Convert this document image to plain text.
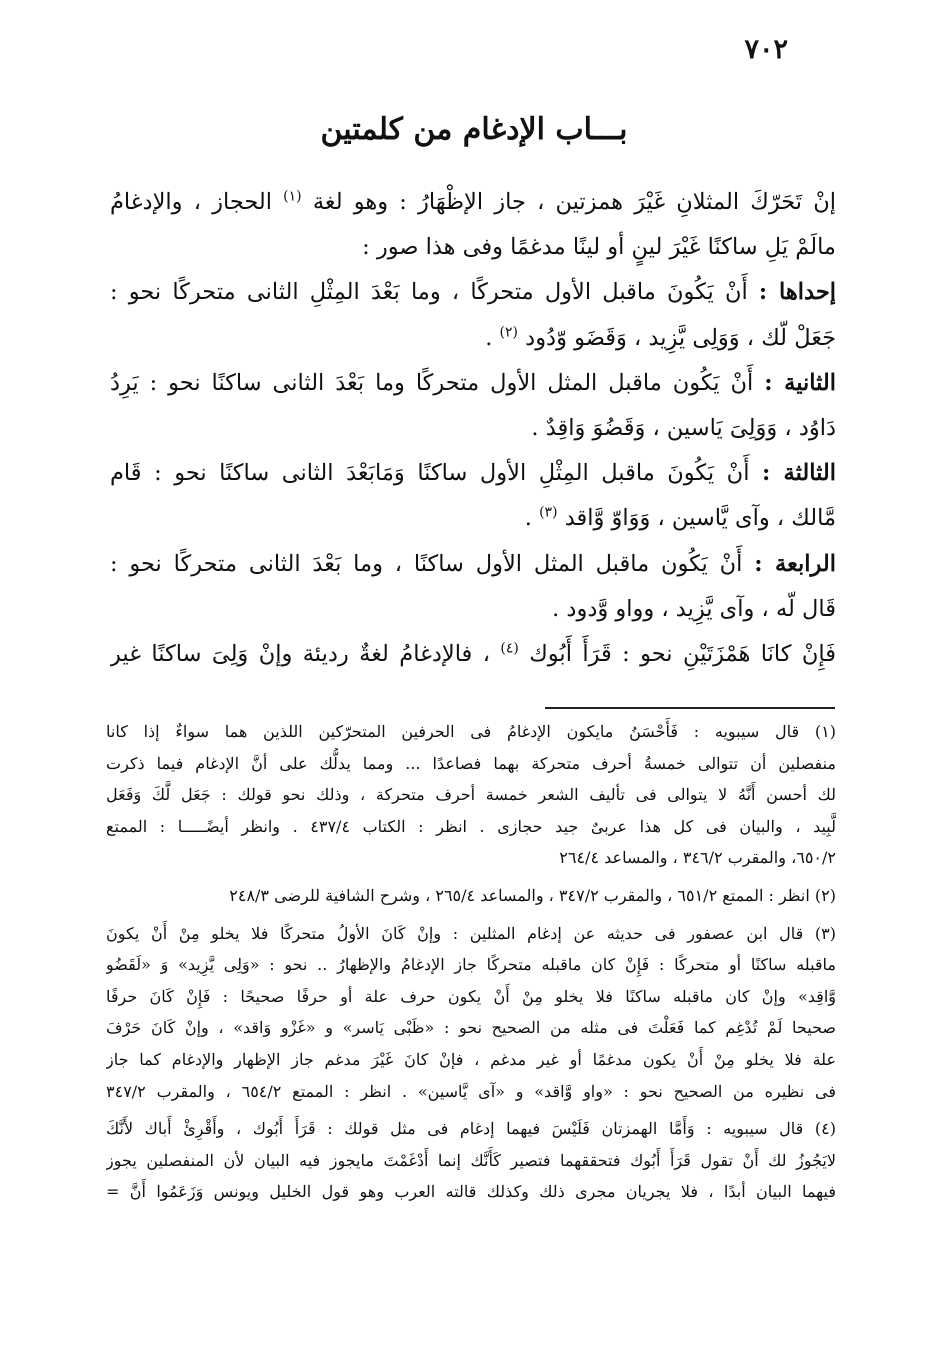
٧٠٢
بـــاب الإدغام من كلمتين

إنْ تَحَرّكَ المثلانِ غَيْرَ همزتين ، جاز الإظْهَارُ : وهو لغة $^{(١)}$ الحجاز ، والإدغامُ

مالَمْ يَلِ ساكنًا غَيْرَ لينٍ أو لينًا مدغمًا وفى هذا صور :

إحداها : أَنْ يَكُونَ ماقبل الأول متحركًا ، وما بَعْدَ المِثْلِ الثانى متحركًا نحو :

جَعَلْ لّك ، وَوَلِى يَّزِيد ، وَقَضَو وّدُود $^{(٢)}$ .

الثانية : أَنْ يَكُون ماقبل المثل الأول متحركًا وما بَعْدَ الثانى ساكنًا نحو : يَرِدُ

دَاوُد ، وَوَلِىَ يَاسين ، وَقَضُوَ وَاقِدٌ .

الثالثة : أَنْ يَكُونَ ماقبل المِثْلِ الأول ساكنًا وَمَابَعْدَ الثانى ساكنًا نحو : قَام

مَّالك ، وآى يَّاسين ، وَوَاوّ وَّاقد $^{(٣)}$ .

الرابعة : أَنْ يَكُون ماقبل المثل الأول ساكنًا ، وما بَعْدَ الثانى متحركًا نحو :

قَال لّه ، وآى يَّزِيد ، وواو وَّدود .

فَإِنْ كانَا هَمْزَتَيْنِ نحو : قَرَأَ أَبُوك $^{(٤)}$ ، فالإدغامُ لغةٌ رديئة وإنْ وَلِىَ ساكنًا غير

(١) قال سيبويه : فَأَحْسَنُ مايكون الإدغامُ فى الحرفين المتحرّكين اللذين هما سواءٌ إذا كانا
منفصلين أن تتوالى خمسةُ أحرف متحركة بهما فصاعدًا ... ومما يدلُّك على أنَّ الإدغام فيما ذكرت
لك أحسن أَنَّهُ لا يتوالى فى تأليف الشعر خمسة أحرف متحركة ، وذلك نحو قولك : جَعَل لَّكَ وَفَعَل
لَّبِيد ، والبيان فى كل هذا عربىٌ جيد حجازى . انظر : الكتاب ٤٣٧/٤ . وانظر أيضًـــــا : الممتع
٦٥٠/٢، والمقرب ٣٤٦/٢ ، والمساعد ٢٦٤/٤
(٢) انظر : الممتع ٦٥١/٢ ، والمقرب ٣٤٧/٢ ، والمساعد ٢٦٥/٤ ، وشرح الشافية للرضى ٢٤٨/٣
(٣) قال ابن عصفور فى حديثه عن إدغام المثلين : وإنْ كَانَ الأولُ متحركًا فلا يخلو مِنْ أَنْ يكونَ
ماقبله ساكنًا أو متحركًا : فَإِنْ كان ماقبله متحركًا جاز الإدغامُ والإظهارُ .. نحو : «وَلِى يَّزِيد» وَ «لَقَضُو
وَّاقِد» وإنْ كان ماقبله ساكنًا فلا يخلو مِنْ أَنْ يكون حرف علة أو حرفًا صحيحًا : فَإِنْ كَانَ حرفًا
صحيحا لَمْ تُدْغِم كما فَعَلْتَ فى مثله من الصحيح نحو : «ظَبْى يَاسر» و «غَزْو وَاقد» ، وإنْ كَانَ حَرْفَ
علة فلا يخلو مِنْ أَنْ يكون مدغمًا أو غير مدغم ، فإنْ كانَ غَيْرَ مدغم جاز الإظهار والإدغام كما جاز
فى نظيره من الصحيح نحو : «واو وَّاقد» و «آى يَّاسين» . انظر : الممتع ٦٥٤/٢ ، والمقرب ٣٤٧/٢
(٤) قال سيبويه : وَأَمَّا الهمزتان فَلَيْسَ فيهما إدغام فى مثل قولك : قَرَأَ أَبُوك ، وأَقْرِئْ أَباك لأَنَّكَ
لايَجُوزُ لك أَنْ تقول قَرَأَ أَبُوك فتحققهما فتصير كَأَنَّك إنما أَدْغَمْتَ مايجوز فيه البيان لأن المنفصلين يجوز
فيهما البيان أبدًا ، فلا يجريان مجرى ذلك وكذلك قالته العرب وهو قول الخليل ويونس وَزَعَمُوا أَنَّ =
